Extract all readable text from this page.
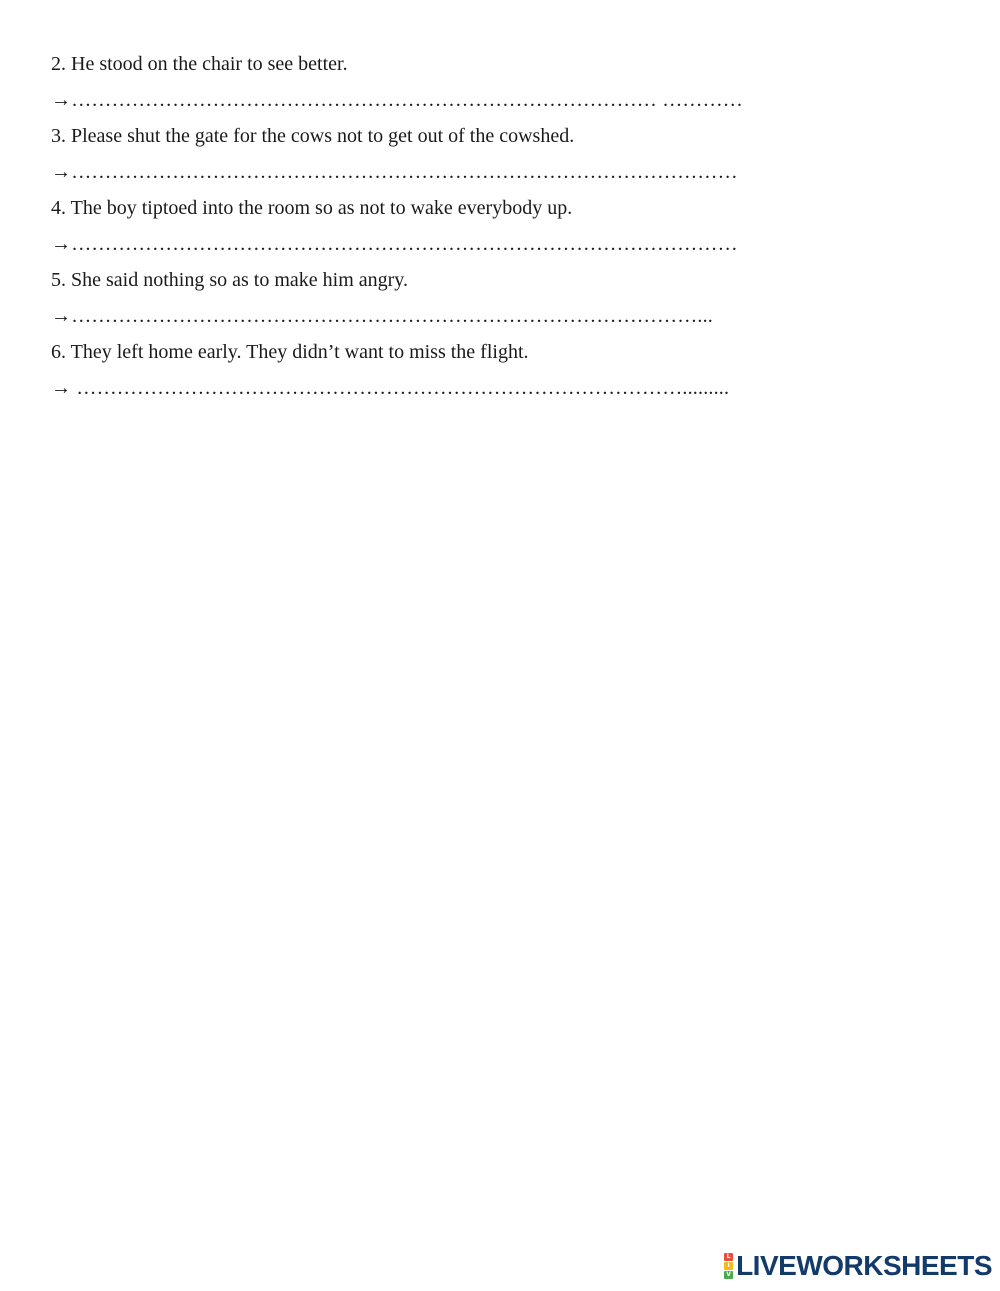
2. He stood on the chair to see better.
→…………………………………………………………………………… …………
3. Please shut the gate for the cows not to get out of the cowshed.
→………………………………………………………………………………………
4. The boy tiptoed into the room so as not to wake everybody up.
→………………………………………………………………………………………
5. She said nothing so as to make him angry.
→…………………………………………………………………………………...
6. They left home early. They didn’t want to miss the flight.
→ ……………………………………………………………………………….........
L
I
V LIVEWORKSHEETS
